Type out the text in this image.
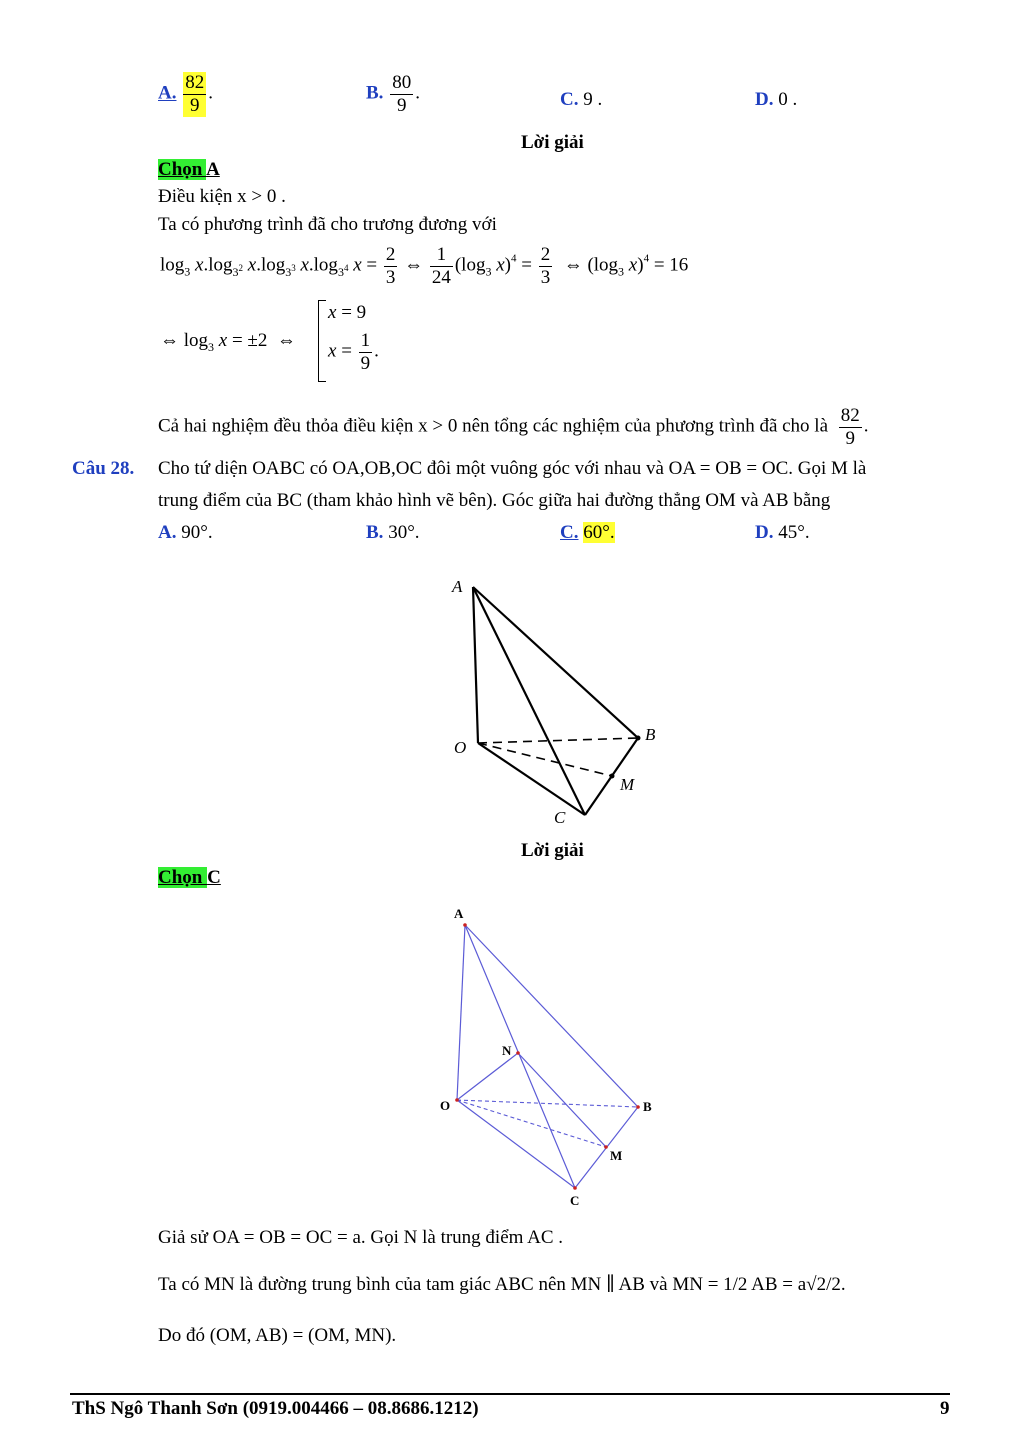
A. $\frac{82}{9}$ .	B. $\frac{80}{9}$ .	C. 9 .	D. 0 .
Lời giải
Chọn A
Điều kiện x > 0 .
Ta có phương trình đã cho trương đương với
$\log_3 x.\log_{3^2}$ $x.\log_{3^3}$ $x.\log_{3^4}$ $x = \frac{2}{3}$ ⇔ $\frac{1}{24} (\log_3$ $x)^4 = \frac{2}{3}$ ⇔ ($\log_3$ x)$^4$ = 16
⇔ $\log_3 x = \pm 2$  ⇔
x = 9
$x = \frac{1}{9}$ .
Cả hai nghiệm đều thỏa điều kiện x > 0 nên tổng các nghiệm của phương trình đã cho là $\frac{82}{9}$ .
Câu 28. Cho tứ diện OABC có OA,OB,OC đôi một vuông góc với nhau và OA = OB = OC. Gọi M là
trung điểm của BC (tham khảo hình vẽ bên). Góc giữa hai đường thẳng OM và AB bằng
A. 90°.	B. 30°.	C. 60°.	D. 45°.
A
O
B
M
C
Lời giải
Chọn C
A
N
O	B
M
C
Giả sử OA = OB = OC = a. Gọi N là trung điểm AC .
Ta có MN là đường trung bình của tam giác ABC nên MN ∥ AB và MN = 1/2 AB = a√2/2.
Do đó (OM, AB) = (OM, MN).
ThS Ngô Thanh Sơn (0919.004466 – 08.8686.1212)	9
